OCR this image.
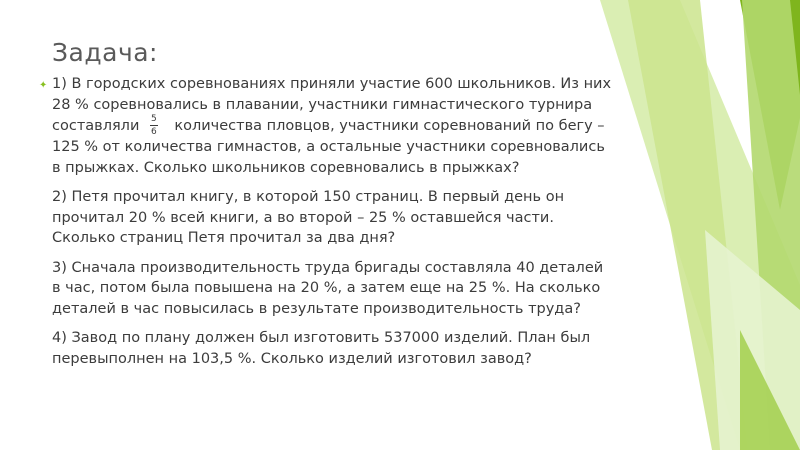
Задача:
✦ 1) В городских соревнованиях приняли участие 600 школьников. Из них 28 % соревновались в плавании, участники гимнастического турнира составляли $\frac{5}{6}$ количества пловцов, участники соревнований по бегу – 125 % от количества гимнастов, а остальные участники соревновались в прыжках. Сколько школьников соревновались в прыжках?
2) Петя прочитал книгу, в которой 150 страниц. В первый день он прочитал 20 % всей книги, а во второй – 25 % оставшейся части. Сколько страниц Петя прочитал за два дня?
3) Сначала производительность труда бригады составляла 40 деталей в час, потом была повышена на 20 %, а затем еще на 25 %. На сколько деталей в час повысилась в результате производительность труда?
4) Завод по плану должен был изготовить 537000 изделий. План был перевыполнен на 103,5 %. Сколько изделий изготовил завод?
